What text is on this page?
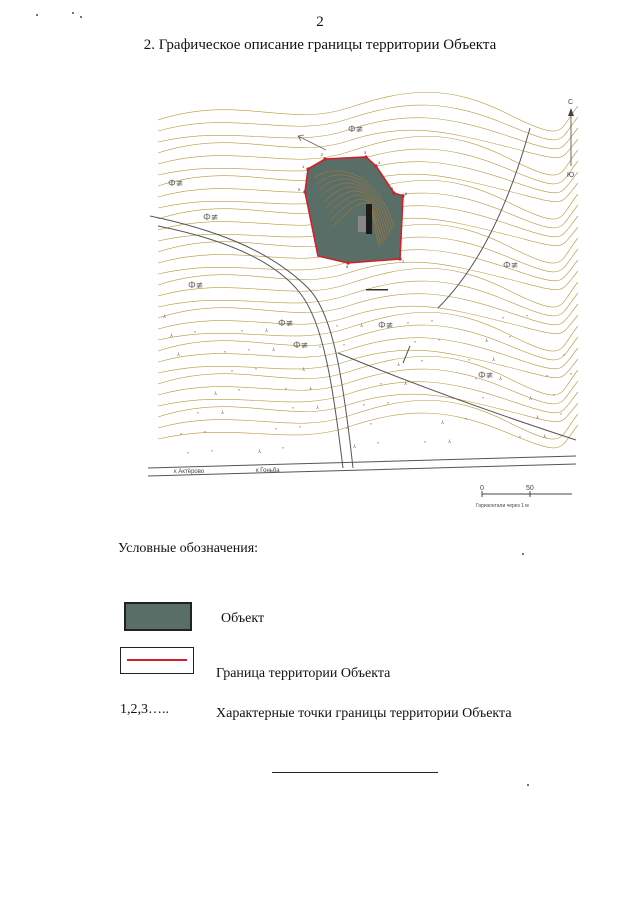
2
2. Графическое описание границы территории Объекта
Ф≢
Ф≢
Ф≢
Ф≢
Ф≢
Ф≢
Ф≢
Ф≢
Ф≢
⅄
"
"
⅄
"
"
⅄
"
"
⅄
"
"
⅄
"
"
⅄
"
"
⅄
"
"
⅄
"
"
⅄
"
"
⅄
"
"
⅄
"
"
⅄
"
"
⅄
"
"
⅄
"
"
⅄
"
"
⅄
"
"
⅄
"
"
⅄
"
"
⅄
"
"
⅄
"
"
⅄
"
"
⅄
"
"
⅄
"
"
⅄
к Актёрово	к Гоньба
1
2	3
4
5
6
7
8
9
С
Ю
0	50
Горизонтали через 1 м
Условные обозначения:
Объект
Граница территории Объекта
1,2,3…..	Характерные точки границы территории Объекта
